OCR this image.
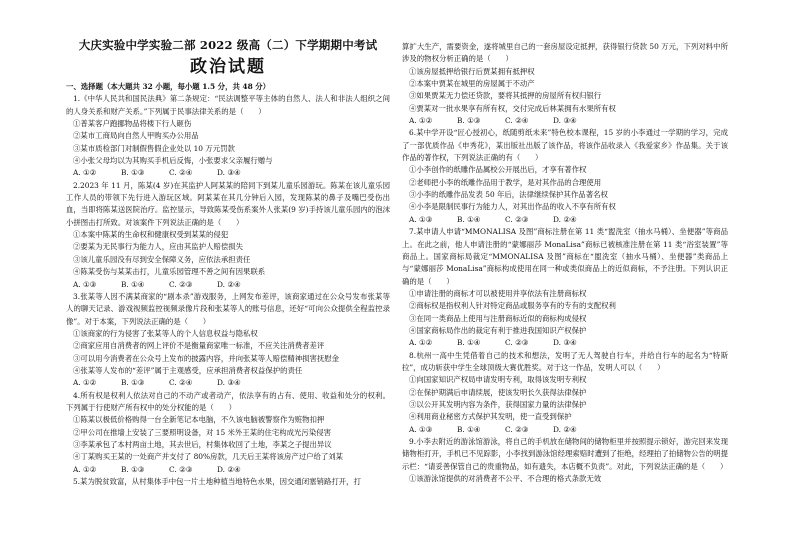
大庆实验中学实验二部 2022 级高（二）下学期期中考试
政治试题
一、选择题（本大题共 32 小题，每小题 1.5 分，共 48 分）
1.《中华人民共和国民法典》第二条规定：“民法调整平等主体的自然人、法人和非法人组织之间的人身关系和财产关系。”下列属于民事法律关系的是（　　）
①普某客户跑挪物品将楼下行人砸伤
②某市工商局向自然人甲购买办公用品
③某市质检部门对制假售假企业处以 10 万元罚款
④小张父母均以为其购买手机后反悔，小张要求父亲履行赠与
A. ①②	B. ①③	C. ②④	D. ③④
2.2023 年 11 月，陈某(4 岁)在其监护人阿某某的陪同下到某儿童乐园游玩。陈某在该儿童乐园工作人员的带领下先行进入游玩区域。阿某某在其几分钟后入园，发现陈某的鼻子及嘴巴受伤出血，当即将陈某送医院治疗。监控显示，导致陈某受伤系案外人张某(9 岁)手持该儿童乐园内的泡沫小拼图击打所致。对该案件下列说法正确的是（　　）
①本案中陈某的生命权和健康权受到某某的侵犯
②要某为无民事行为能力人，应由其监护人赔偿损失
③该儿童乐园没有尽到安全保障义务，应依法承担责任
④陈某受伤与某某击打，儿童乐园管理不善之间有因果联系
A. ①③	B. ①④	C. ②③	D. ②④
3.张某等人因不满某商家的“剧本杀”游戏服务，上网发布差评，该商家通过在公众号发布张某等人的聊天记录、游戏视频监控视频录像片段和张某等人的账号信息，还好“可向公众提供全程监控录像”。对于本案，下列说法正确的是（　　）
①该商家的行为侵害了张某等人的个人信息权益与隐私权
②商家应用自消费者的网上评价不是衡量商家唯一标准，不应关注消费者差评
③可以用今消费者在公众号上发布的披露内容，并向张某等人赔偿精神损害抚慰金
④张某等人发布的“差评”属于主观感受，应承担消费者权益保护的责任
A. ①②	B. ①③	C. ②④	D. ③④
4.所有权是权利人依法对自己的不动产或者动产，依法享有的占有、使用、收益和处分的权利。下列属于行使财产所有权中的处分权能的是（　　）
①陈某以极低价格购得一台全新笔记本电脑，不久该电脑被警察作为赃物扣押
②甲公司在推墙上安装了三要照明设备，对 15 米外王某的住宅构成光污染侵害
③李某承包了本村两亩土地，其去世后，村集体收回了土地，李某之子提出异议
④丁某购买王某的一处商产并支付了 80%房款，几天后王某将该房产过户给了刘某
A. ①②	B. ①③	C. ②③	D. ②④
5.某为脱贫致富，从村集体手中包一片土地种植当地特色水果，因交通闭塞销路打开，打
算扩大生产，需要资金，遂将城里自己的一套房屋设定抵押，获得银行贷款 50 万元，下列对料中所涉及的物权分析正确的是（　　）
①该房屋抵押给银行后贾某拥有抵押权
②本案中贾某在城里的房屋属于不动产
③如果贾某无力偿还贷款，要将其抵押的房屋所有权归银行
④贾某对一批水果享有所有权，交付完成后林某拥有水果所有权
A. ①②	B. ①③	C. ②④	D. ③④
6.某中学开设“匠心授初心，纸随剪纸未来”特色校本课程，15 岁的小李通过一学期的学习，完成了一部优质作品《申秀花》，某出版社出版了该作品，将该作品收录入《我爱家乡》作品集。关于该作品的著作权，下列说法正确的有（　　）
①小李创作的纸雕作品属校公开展出后，才享有著作权
②老师把小李的纸雕作品用于教学，是对其作品的合理使用
③小李的纸雕作品发表 50 年后，法律继续保护其作品著名权
④小李是限制民事行为能力人，对其出作品的收入不享有所有权
A. ①③	B. ①④	C. ②③	D. ②④
7.某申请人申请“MMONALISA 及图”商标注册在第 11 类“盥洗室（抽水马桶）、坐便器”等商品上。在此之前，他人申请注册的“蒙娜丽莎 MonaLisa”商标已被核准注册在第 11 类“浴室装置”等商品上。国家商标局裁定“MMONALISA 及图”商标在“盥洗室（抽水马桶）、坐便器”类商品上与“蒙娜丽莎 MonaLisa”商标构成使用在同一种或类似商品上的近似商标，不予注册。下列认识正确的是（　　）
①申请注册的商标才可以被使用并享依法有注册商标权
②商标权是指权利人针对特定商品或服务享有的专有的支配权利
③在同一类商品上使用与注册商标近似的商标构成侵权
④国家商标局作出的裁定有利于推进我国知识产权保护
A. ①②	B. ①④	C. ②③	D. ③④
8.杭州一高中生凭借着自己的技术和想法，发明了无人驾驶自行车，并给自行车的起名为“特斯拉”，成功斩获中学生全球顶级大赛优胜奖。对于这一作品，发明人可以（　　）
①向国家知识产权局申请发明专利，取得该发明专利权
②在保护期满后申请续展，使该发明长久获得法律保护
③以公开其发明内容为条件，获得国家力量的法律保护
④利用商业秘密方式保护其发明，使一直受到保护
A. ①③	B. ①④	C. ②③	D. ②④
9.小李去附近的游泳馆游泳，将自己的手机放在储物间的储物柜里并按照提示锁好，游完回来发现储物柜打开，手机已不见踪影，小李找到游泳馆经理索赔时遭到了拒绝，经理拍了拍储物公告的明提示栏：“请妥善保管自己的贵重物品，如有遗失，本店概不负责”。对此，下列说法正确的是（　　）
①该游泳馆提供的对消费者不公平、不合理的格式条款无效
